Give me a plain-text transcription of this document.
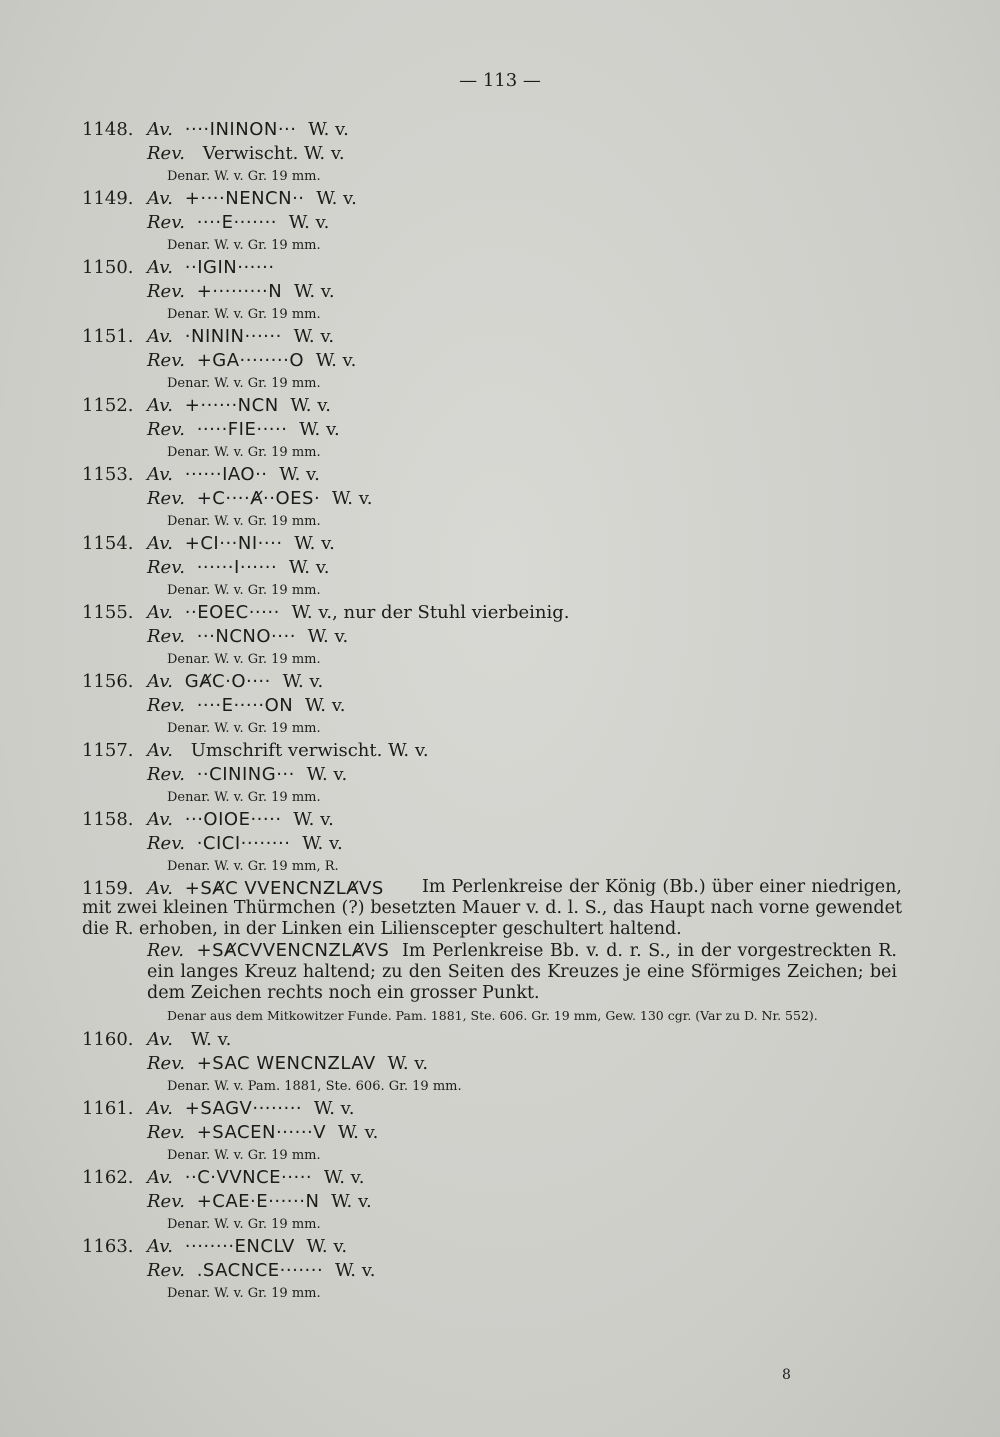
— 113 —
1148. Av. ····ININON··· W. v.
Rev. Verwischt. W. v.
Denar. W. v. Gr. 19 mm.
1149. Av. +····NENCN·· W. v.
Rev. ····E······· W. v.
Denar. W. v. Gr. 19 mm.
1150. Av. ··IGIN······
Rev. +·········N W. v.
Denar. W. v. Gr. 19 mm.
1151. Av. ·NININ······ W. v.
Rev. +GA········O W. v.
Denar. W. v. Gr. 19 mm.
1152. Av. +······NCN W. v.
Rev. ·····FIE····· W. v.
Denar. W. v. Gr. 19 mm.
1153. Av. ······IAO·· W. v.
Rev. +C····Ⱥ··OES· W. v.
Denar. W. v. Gr. 19 mm.
1154. Av. +CI···NI···· W. v.
Rev. ······I······ W. v.
Denar. W. v. Gr. 19 mm.
1155. Av. ··EOEC····· W. v., nur der Stuhl vierbeinig.
Rev. ···NCNO···· W. v.
Denar. W. v. Gr. 19 mm.
1156. Av. GȺC·O···· W. v.
Rev. ····E·····ON W. v.
Denar. W. v. Gr. 19 mm.
1157. Av. Umschrift verwischt. W. v.
Rev. ··CINING··· W. v.
Denar. W. v. Gr. 19 mm.
1158. Av. ···OIOE····· W. v.
Rev. ·CICI········ W. v.
Denar. W. v. Gr. 19 mm, R.
1159. Av. +SȺC VVENCNZLȺVS	Im Perlenkreise der König (Bb.) über einer niedrigen, mit zwei kleinen Thürmchen (?) besetzten Mauer v. d. l. S., das Haupt nach vorne gewendet die R. erhoben, in der Linken ein Lilienscepter geschultert haltend.
Rev. +SȺCVVENCNZLȺVS Im Perlenkreise Bb. v. d. r. S., in der vorgestreckten R. ein langes Kreuz haltend; zu den Seiten des Kreuzes je eine Sförmiges Zeichen; bei dem Zeichen rechts noch ein grosser Punkt.
Denar aus dem Mitkowitzer Funde. Pam. 1881, Ste. 606. Gr. 19 mm, Gew. 130 cgr. (Var zu D. Nr. 552).
1160. Av. W. v.
Rev. +SAC WENCNZLAV W. v.
Denar. W. v. Pam. 1881, Ste. 606. Gr. 19 mm.
1161. Av. +SAGV········ W. v.
Rev. +SACEN······V W. v.
Denar. W. v. Gr. 19 mm.
1162. Av. ··C·VVNCE····· W. v.
Rev. +CAE·E······N W. v.
Denar. W. v. Gr. 19 mm.
1163. Av. ········ENCLV W. v.
Rev. .SACNCE······· W. v.
Denar. W. v. Gr. 19 mm.
8
